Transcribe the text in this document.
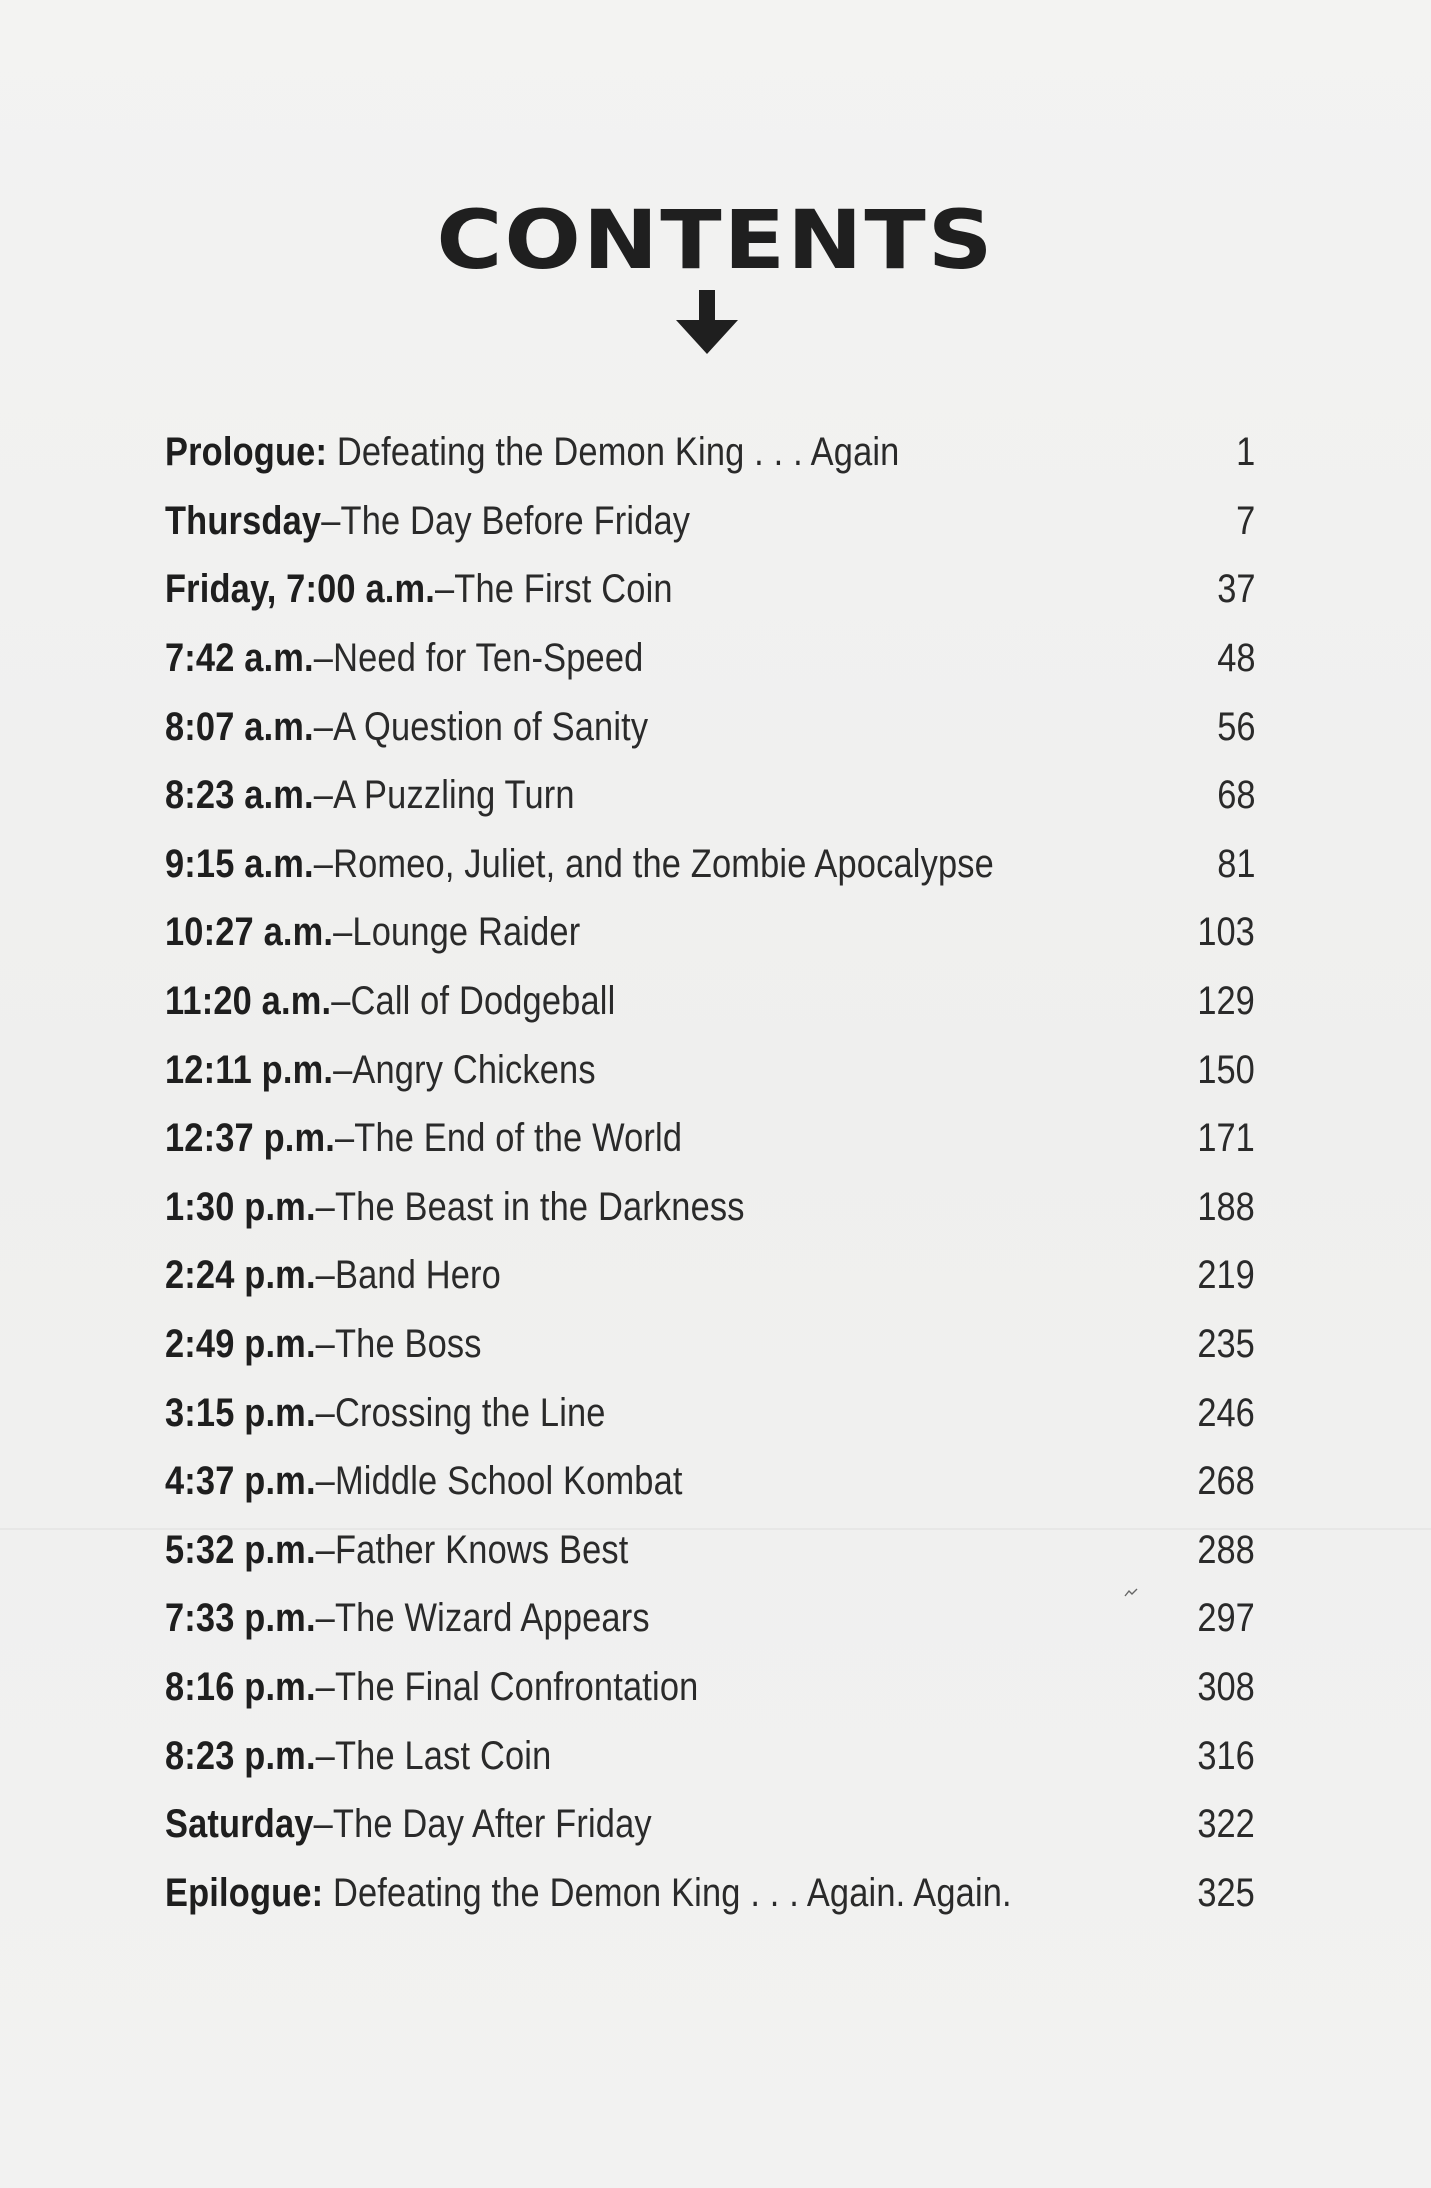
CONTENTS
Prologue: Defeating the Demon King . . . Again	1
Thursday–The Day Before Friday	7
Friday, 7:00 a.m.–The First Coin	37
7:42 a.m.–Need for Ten-Speed	48
8:07 a.m.–A Question of Sanity	56
8:23 a.m.–A Puzzling Turn	68
9:15 a.m.–Romeo, Juliet, and the Zombie Apocalypse	81
10:27 a.m.–Lounge Raider	103
11:20 a.m.–Call of Dodgeball	129
12:11 p.m.–Angry Chickens	150
12:37 p.m.–The End of the World	171
1:30 p.m.–The Beast in the Darkness	188
2:24 p.m.–Band Hero	219
2:49 p.m.–The Boss	235
3:15 p.m.–Crossing the Line	246
4:37 p.m.–Middle School Kombat	268
5:32 p.m.–Father Knows Best	288
7:33 p.m.–The Wizard Appears	297
8:16 p.m.–The Final Confrontation	308
8:23 p.m.–The Last Coin	316
Saturday–The Day After Friday	322
Epilogue: Defeating the Demon King . . . Again. Again.	325
